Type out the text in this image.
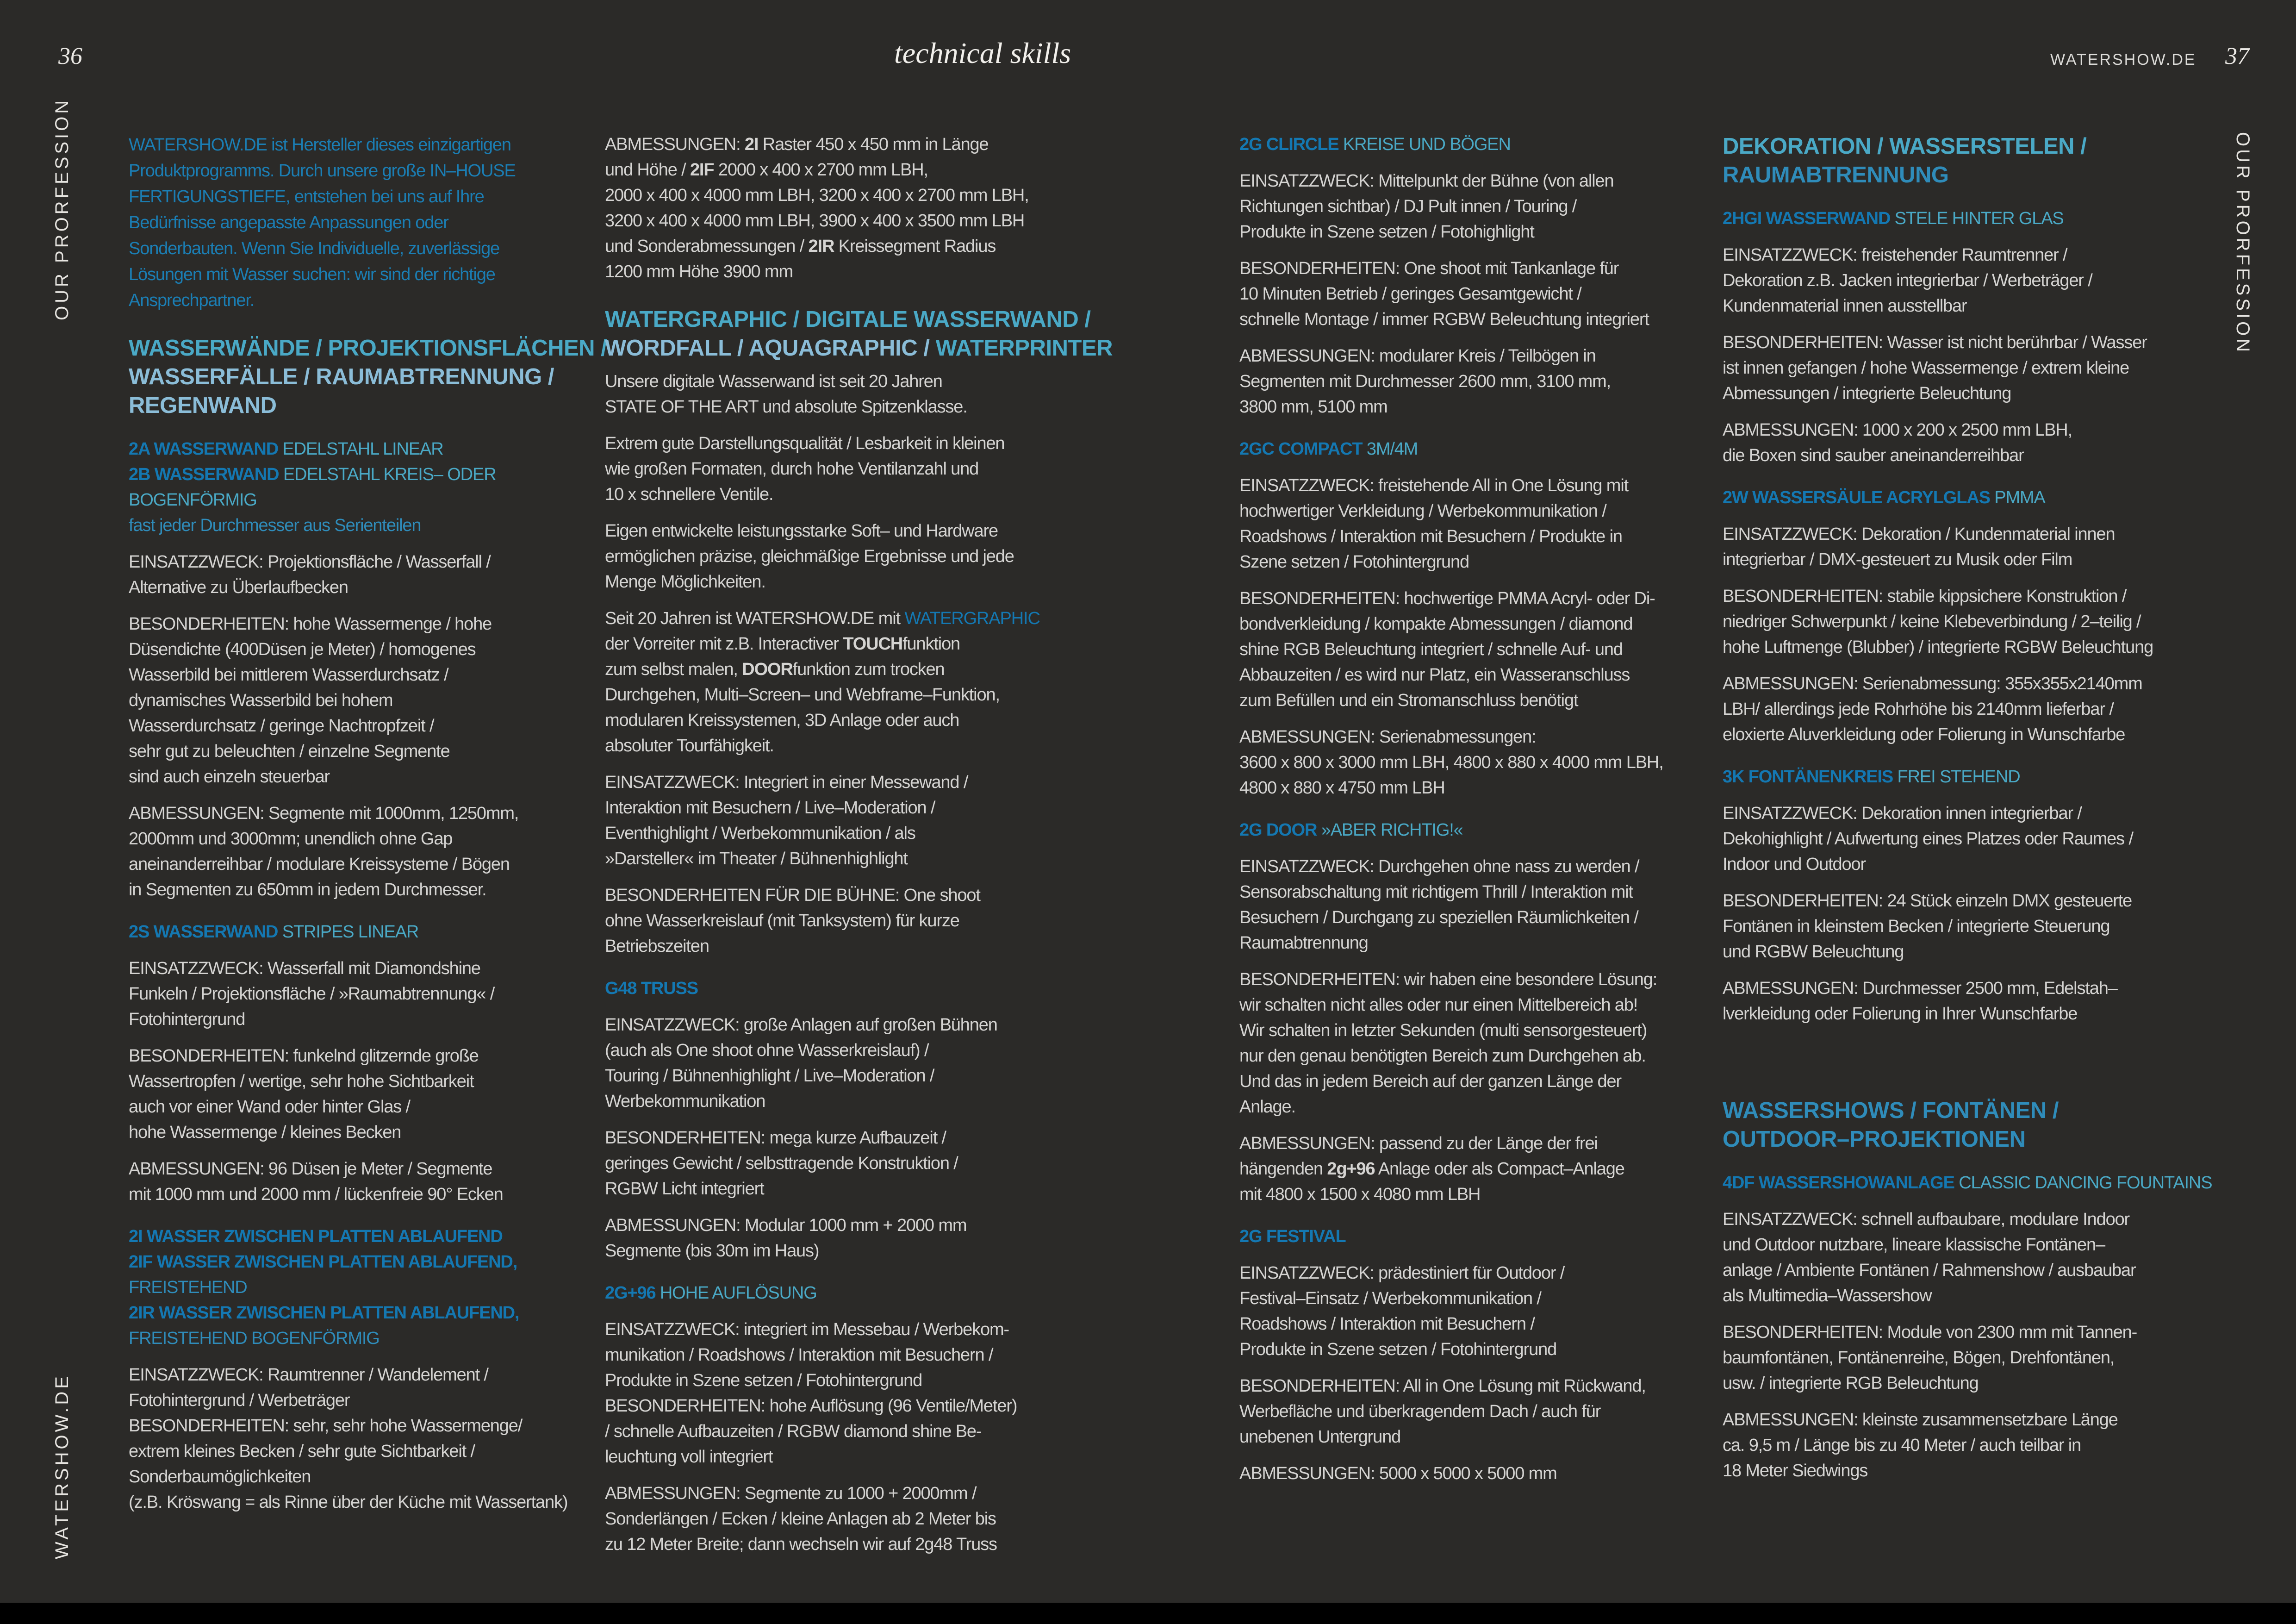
36	technical skills	WATERSHOW.DE 37
OUR PRORFESSION
WATERSHOW.DE
OUR PRORFESSION
WATERSHOW.DE ist Hersteller dieses einzigartigen
Produktprogramms. Durch unsere große IN–HOUSE
FERTIGUNGSTIEFE, entstehen bei uns auf Ihre
Bedürfnisse angepasste Anpassungen oder
Sonderbauten. Wenn Sie Individuelle, zuverlässige
Lösungen mit Wasser suchen: wir sind der richtige
Ansprechpartner.
WASSERWÄNDE / PROJEKTIONSFLÄCHEN /
WASSERFÄLLE / RAUMABTRENNUNG /
REGENWAND
2A WASSERWAND EDELSTAHL LINEAR
2B WASSERWAND EDELSTAHL KREIS– ODER
BOGENFÖRMIG
fast jeder Durchmesser aus Serienteilen
EINSATZZWECK: Projektionsfläche / Wasserfall /
Alternative zu Überlaufbecken
BESONDERHEITEN: hohe Wassermenge / hohe
Düsendichte (400Düsen je Meter) / homogenes
Wasserbild bei mittlerem Wasserdurchsatz /
dynamisches Wasserbild bei hohem
Wasserdurchsatz / geringe Nachtropfzeit /
sehr gut zu beleuchten / einzelne Segmente
sind auch einzeln steuerbar
ABMESSUNGEN: Segmente mit 1000mm, 1250mm,
2000mm und 3000mm; unendlich ohne Gap
aneinanderreihbar / modulare Kreissysteme / Bögen
in Segmenten zu 650mm in jedem Durchmesser.
2S WASSERWAND STRIPES LINEAR
EINSATZZWECK: Wasserfall mit Diamondshine
Funkeln / Projektionsfläche / »Raumabtrennung« /
Fotohintergrund
BESONDERHEITEN: funkelnd glitzernde große
Wassertropfen / wertige, sehr hohe Sichtbarkeit
auch vor einer Wand oder hinter Glas /
hohe Wassermenge / kleines Becken
ABMESSUNGEN: 96 Düsen je Meter / Segmente
mit 1000 mm und 2000 mm / lückenfreie 90° Ecken
2I WASSER ZWISCHEN PLATTEN ABLAUFEND
2IF WASSER ZWISCHEN PLATTEN ABLAUFEND,
FREISTEHEND
2IR WASSER ZWISCHEN PLATTEN ABLAUFEND,
FREISTEHEND BOGENFÖRMIG
EINSATZZWECK: Raumtrenner / Wandelement /
Fotohintergrund / Werbeträger
BESONDERHEITEN: sehr, sehr hohe Wassermenge/
extrem kleines Becken / sehr gute Sichtbarkeit /
Sonderbaumöglichkeiten
(z.B. Kröswang = als Rinne über der Küche mit Wassertank)
ABMESSUNGEN: 2I Raster 450 x 450 mm in Länge
und Höhe / 2IF 2000 x 400 x 2700 mm LBH,
2000 x 400 x 4000 mm LBH, 3200 x 400 x 2700 mm LBH,
3200 x 400 x 4000 mm LBH, 3900 x 400 x 3500 mm LBH
und Sonderabmessungen / 2IR Kreissegment Radius
1200 mm Höhe 3900 mm
WATERGRAPHIC / DIGITALE WASSERWAND /
WORDFALL / AQUAGRAPHIC / WATERPRINTER
Unsere digitale Wasserwand ist seit 20 Jahren
STATE OF THE ART und absolute Spitzenklasse.
Extrem gute Darstellungsqualität / Lesbarkeit in kleinen
wie großen Formaten, durch hohe Ventilanzahl und
10 x schnellere Ventile.
Eigen entwickelte leistungsstarke Soft– und Hardware
ermöglichen präzise, gleichmäßige Ergebnisse und jede
Menge Möglichkeiten.
Seit 20 Jahren ist WATERSHOW.DE mit WATERGRAPHIC
der Vorreiter mit z.B. Interactiver TOUCHfunktion
zum selbst malen, DOORfunktion zum trocken
Durchgehen, Multi–Screen– und Webframe–Funktion,
modularen Kreissystemen, 3D Anlage oder auch
absoluter Tourfähigkeit.
EINSATZZWECK: Integriert in einer Messewand /
Interaktion mit Besuchern / Live–Moderation /
Eventhighlight / Werbekommunikation / als
»Darsteller« im Theater / Bühnenhighlight
BESONDERHEITEN FÜR DIE BÜHNE: One shoot
ohne Wasserkreislauf (mit Tanksystem) für kurze
Betriebszeiten
G48 TRUSS
EINSATZZWECK: große Anlagen auf großen Bühnen
(auch als One shoot ohne Wasserkreislauf) /
Touring / Bühnenhighlight / Live–Moderation /
Werbekommunikation
BESONDERHEITEN: mega kurze Aufbauzeit /
geringes Gewicht / selbsttragende Konstruktion /
RGBW Licht integriert
ABMESSUNGEN: Modular 1000 mm + 2000 mm
Segmente (bis 30m im Haus)
2G+96 HOHE AUFLÖSUNG
EINSATZZWECK: integriert im Messebau / Werbekom-
munikation / Roadshows / Interaktion mit Besuchern /
Produkte in Szene setzen / Fotohintergrund
BESONDERHEITEN: hohe Auflösung (96 Ventile/Meter)
/ schnelle Aufbauzeiten / RGBW diamond shine Be-
leuchtung voll integriert
ABMESSUNGEN: Segmente zu 1000 + 2000mm /
Sonderlängen / Ecken / kleine Anlagen ab 2 Meter bis
zu 12 Meter Breite; dann wechseln wir auf 2g48 Truss
2G CLIRCLE KREISE UND BÖGEN
EINSATZZWECK: Mittelpunkt der Bühne (von allen
Richtungen sichtbar) / DJ Pult innen / Touring /
Produkte in Szene setzen / Fotohighlight
BESONDERHEITEN: One shoot mit Tankanlage für
10 Minuten Betrieb / geringes Gesamtgewicht /
schnelle Montage / immer RGBW Beleuchtung integriert
ABMESSUNGEN: modularer Kreis / Teilbögen in
Segmenten mit Durchmesser 2600 mm, 3100 mm,
3800 mm, 5100 mm
2GC COMPACT 3M/4M
EINSATZZWECK: freistehende All in One Lösung mit
hochwertiger Verkleidung / Werbekommunikation /
Roadshows / Interaktion mit Besuchern / Produkte in
Szene setzen / Fotohintergrund
BESONDERHEITEN: hochwertige PMMA Acryl- oder Di-
bondverkleidung / kompakte Abmessungen / diamond
shine RGB Beleuchtung integriert / schnelle Auf- und
Abbauzeiten / es wird nur Platz, ein Wasseranschluss
zum Befüllen und ein Stromanschluss benötigt
ABMESSUNGEN: Serienabmessungen:
3600 x 800 x 3000 mm LBH, 4800 x 880 x 4000 mm LBH,
4800 x 880 x 4750 mm LBH
2G DOOR »ABER RICHTIG!«
EINSATZZWECK: Durchgehen ohne nass zu werden /
Sensorabschaltung mit richtigem Thrill / Interaktion mit
Besuchern / Durchgang zu speziellen Räumlichkeiten /
Raumabtrennung
BESONDERHEITEN: wir haben eine besondere Lösung:
wir schalten nicht alles oder nur einen Mittelbereich ab!
Wir schalten in letzter Sekunden (multi sensorgesteuert)
nur den genau benötigten Bereich zum Durchgehen ab.
Und das in jedem Bereich auf der ganzen Länge der
Anlage.
ABMESSUNGEN: passend zu der Länge der frei
hängenden 2g+96 Anlage oder als Compact–Anlage
mit 4800 x 1500 x 4080 mm LBH
2G FESTIVAL
EINSATZZWECK: prädestiniert für Outdoor /
Festival–Einsatz / Werbekommunikation /
Roadshows / Interaktion mit Besuchern /
Produkte in Szene setzen / Fotohintergrund
BESONDERHEITEN: All in One Lösung mit Rückwand,
Werbefläche und überkragendem Dach / auch für
unebenen Untergrund
ABMESSUNGEN: 5000 x 5000 x 5000 mm
DEKORATION / WASSERSTELEN /
RAUMABTRENNUNG
2HGI WASSERWAND STELE HINTER GLAS
EINSATZZWECK: freistehender Raumtrenner /
Dekoration z.B. Jacken integrierbar / Werbeträger /
Kundenmaterial innen ausstellbar
BESONDERHEITEN: Wasser ist nicht berührbar / Wasser
ist innen gefangen / hohe Wassermenge / extrem kleine
Abmessungen / integrierte Beleuchtung
ABMESSUNGEN: 1000 x 200 x 2500 mm LBH,
die Boxen sind sauber aneinanderreihbar
2W WASSERSÄULE ACRYLGLAS PMMA
EINSATZZWECK: Dekoration / Kundenmaterial innen
integrierbar / DMX-gesteuert zu Musik oder Film
BESONDERHEITEN: stabile kippsichere Konstruktion /
niedriger Schwerpunkt / keine Klebeverbindung / 2–teilig /
hohe Luftmenge (Blubber) / integrierte RGBW Beleuchtung
ABMESSUNGEN: Serienabmessung: 355x355x2140mm
LBH/ allerdings jede Rohrhöhe bis 2140mm lieferbar /
eloxierte Aluverkleidung oder Folierung in Wunschfarbe
3K FONTÄNENKREIS FREI STEHEND
EINSATZZWECK: Dekoration innen integrierbar /
Dekohighlight / Aufwertung eines Platzes oder Raumes /
Indoor und Outdoor
BESONDERHEITEN: 24 Stück einzeln DMX gesteuerte
Fontänen in kleinstem Becken / integrierte Steuerung
und RGBW Beleuchtung
ABMESSUNGEN: Durchmesser 2500 mm, Edelstah–
lverkleidung oder Folierung in Ihrer Wunschfarbe
WASSERSHOWS / FONTÄNEN /
OUTDOOR–PROJEKTIONEN
4DF WASSERSHOWANLAGE CLASSIC DANCING FOUNTAINS
EINSATZZWECK: schnell aufbaubare, modulare Indoor
und Outdoor nutzbare, lineare klassische Fontänen–
anlage / Ambiente Fontänen / Rahmenshow / ausbaubar
als Multimedia–Wassershow
BESONDERHEITEN: Module von 2300 mm mit Tannen-
baumfontänen, Fontänenreihe, Bögen, Drehfontänen,
usw. / integrierte RGB Beleuchtung
ABMESSUNGEN: kleinste zusammensetzbare Länge
ca. 9,5 m / Länge bis zu 40 Meter / auch teilbar in
18 Meter Siedwings
